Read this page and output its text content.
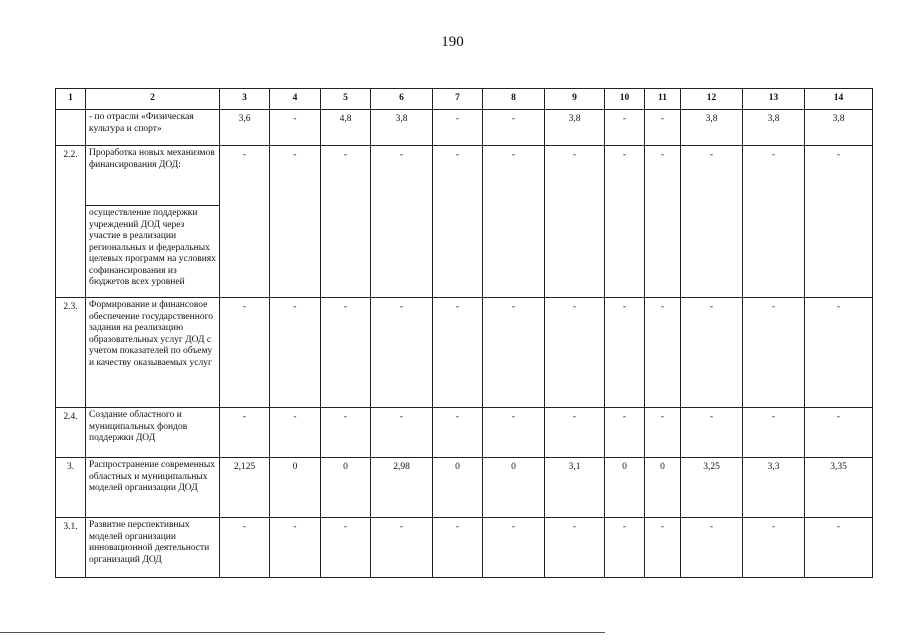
190
1	2	3	4	5	6	7	8	9	10	11	12	13	14
	- по отрасли «Физическая культура и спорт»	3,6	-	4,8	3,8	-	-	3,8	-	-	3,8	3,8	3,8
2.2.	Проработка новых механизмов финансирования ДОД:	-	-	-	-	-	-	-	-	-	-	-	-
	осуществление поддержки учреждений ДОД через участие в реализации региональных и федеральных целевых программ на условиях софинансирования из бюджетов всех уровней												
2.3.	Формирование и финансовое обеспечение государственного задания на реализацию образовательных услуг ДОД с учетом показателей по объему и качеству оказываемых услуг	-	-	-	-	-	-	-	-	-	-	-	-
2.4.	Создание областного и муниципальных фондов поддержки ДОД	-	-	-	-	-	-	-	-	-	-	-	-
3.	Распространение современных областных и муниципальных моделей организации ДОД	2,125	0	0	2,98	0	0	3,1	0	0	3,25	3,3	3,35
3.1.	Развитие перспективных моделей организации инновационной деятельности организаций ДОД	-	-	-	-	-	-	-	-	-	-	-	-
